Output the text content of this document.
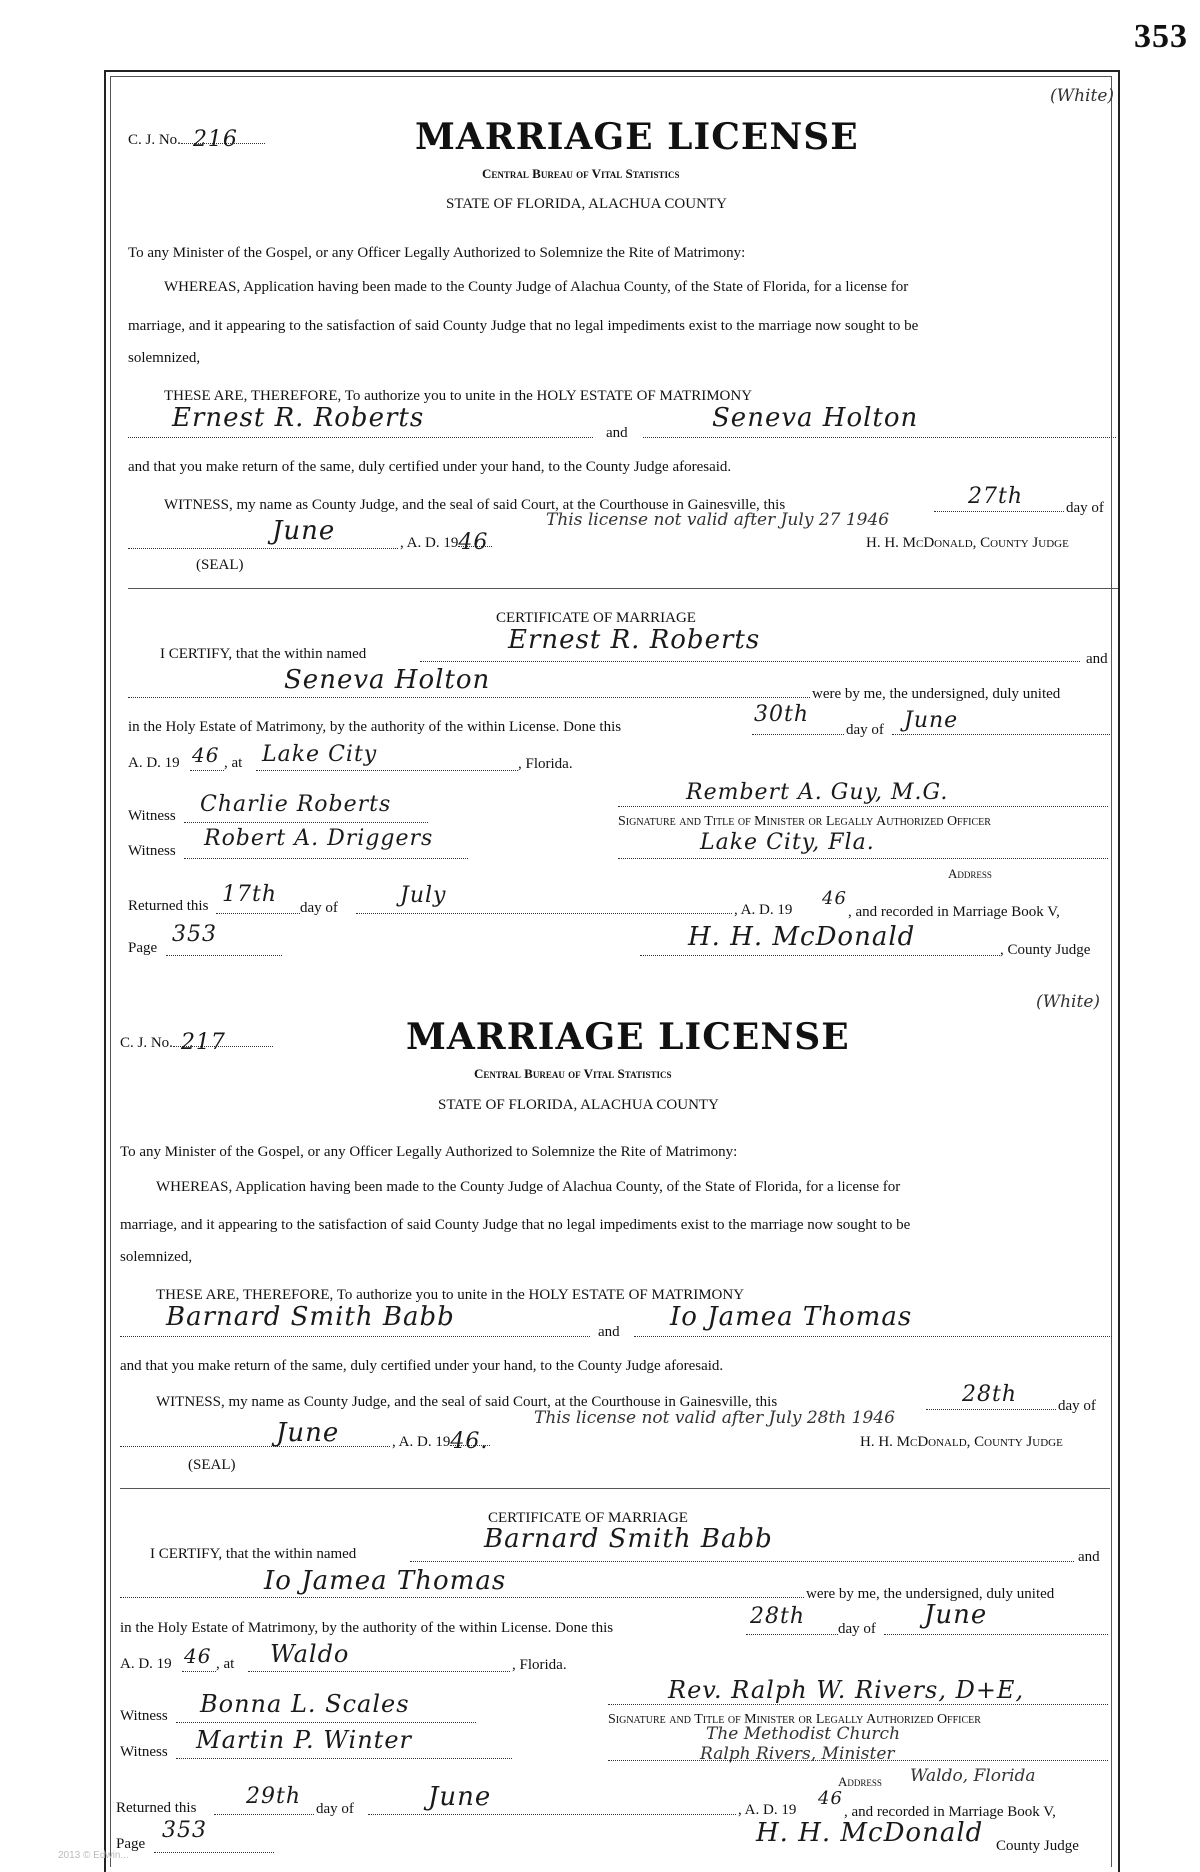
353
(White)
C. J. No. 216	MARRIAGE LICENSE
Central Bureau of Vital Statistics
STATE OF FLORIDA, ALACHUA COUNTY
To any Minister of the Gospel, or any Officer Legally Authorized to Solemnize the Rite of Matrimony:
WHEREAS, Application having been made to the County Judge of Alachua County, of the State of Florida, for a license for
marriage, and it appearing to the satisfaction of said County Judge that no legal impediments exist to the marriage now sought to be
solemnized,
THESE ARE, THEREFORE, To authorize you to unite in the HOLY ESTATE OF MATRIMONY
Ernest R. Roberts	and	Seneva Holton
and that you make return of the same, duly certified under your hand, to the County Judge aforesaid.
WITNESS, my name as County Judge, and the seal of said Court, at the Courthouse in Gainesville, this	27th	day of
This license not valid after July 27 1946
June	, A. D. 19 46	H. H. McDonald, County Judge
(SEAL)
CERTIFICATE OF MARRIAGE
I CERTIFY, that the within named	Ernest R. Roberts
and
Seneva Holton	were by me, the undersigned, duly united
in the Holy Estate of Matrimony, by the authority of the within License. Done this	30th
day of June
A. D. 19 46 , at Lake City	, Florida.
Rembert A. Guy, M.G.
Witness Charlie Roberts
Signature and Title of Minister or Legally Authorized Officer
Witness Robert A. Driggers	Lake City, Fla.
Address
Returned this 17th
day of	July
, A. D. 19
46
, and recorded in Marriage Book V,
Page
353	H. H. McDonald	, County Judge
(White)
C. J. No. 217	MARRIAGE LICENSE
Central Bureau of Vital Statistics
STATE OF FLORIDA, ALACHUA COUNTY
To any Minister of the Gospel, or any Officer Legally Authorized to Solemnize the Rite of Matrimony:
WHEREAS, Application having been made to the County Judge of Alachua County, of the State of Florida, for a license for
marriage, and it appearing to the satisfaction of said County Judge that no legal impediments exist to the marriage now sought to be
solemnized,
THESE ARE, THEREFORE, To authorize you to unite in the HOLY ESTATE OF MATRIMONY
Barnard Smith Babb	and Io Jamea Thomas
and that you make return of the same, duly certified under your hand, to the County Judge aforesaid.
WITNESS, my name as County Judge, and the seal of said Court, at the Courthouse in Gainesville, this	28th	day of
This license not valid after July 28th 1946
June	, A. D. 19 46.	H. H. McDonald, County Judge
(SEAL)
CERTIFICATE OF MARRIAGE
I CERTIFY, that the within named	Barnard Smith Babb
and
Io Jamea Thomas	were by me, the undersigned, duly united
in the Holy Estate of Matrimony, by the authority of the within License. Done this	28th day of June
A. D. 19 46 , at Waldo	, Florida.
Rev. Ralph W. Rivers, D+E,
Witness Bonna L. Scales
Signature and Title of Minister or Legally Authorized Officer
The Methodist Church
Witness Martin P. Winter	Ralph Rivers, Minister
Address Waldo, Florida
Returned this 29th day of	June	, A. D. 19
46
, and recorded in Marriage Book V,
Page
353	H. H. McDonald County Judge
2013 © Edwin...
